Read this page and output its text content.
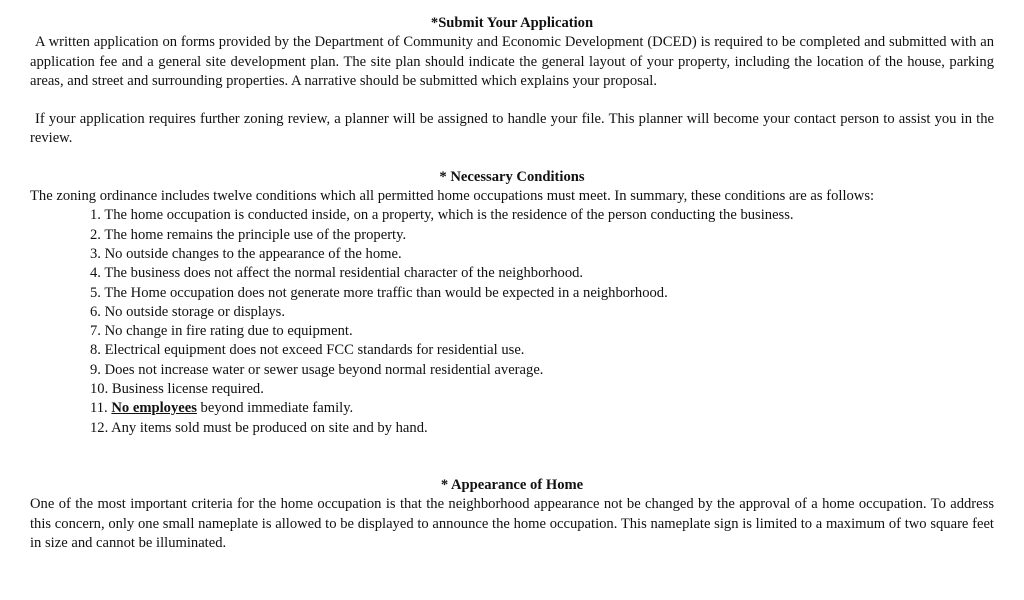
*Submit Your Application

A written application on forms provided by the Department of Community and Economic Development (DCED) is required to be completed and submitted with an application fee and a general site development plan. The site plan should indicate the general layout of your property, including the location of the house, parking areas, and street and surrounding properties. A narrative should be submitted which explains your proposal.

If your application requires further zoning review, a planner will be assigned to handle your file. This planner will become your contact person to assist you in the review.

* Necessary Conditions

The zoning ordinance includes twelve conditions which all permitted home occupations must meet. In summary, these conditions are as follows:

1. The home occupation is conducted inside, on a property, which is the residence of the person conducting the business.
2. The home remains the principle use of the property.
3. No outside changes to the appearance of the home.
4. The business does not affect the normal residential character of the neighborhood.
5. The Home occupation does not generate more traffic than would be expected in a neighborhood.
6. No outside storage or displays.
7. No change in fire rating due to equipment.
8. Electrical equipment does not exceed FCC standards for residential use.
9. Does not increase water or sewer usage beyond normal residential average.
10. Business license required.
11. No employees beyond immediate family.
12. Any items sold must be produced on site and by hand.
* Appearance of Home

One of the most important criteria for the home occupation is that the neighborhood appearance not be changed by the approval of a home occupation. To address this concern, only one small nameplate is allowed to be displayed to announce the home occupation. This nameplate sign is limited to a maximum of two square feet in size and cannot be illuminated.
